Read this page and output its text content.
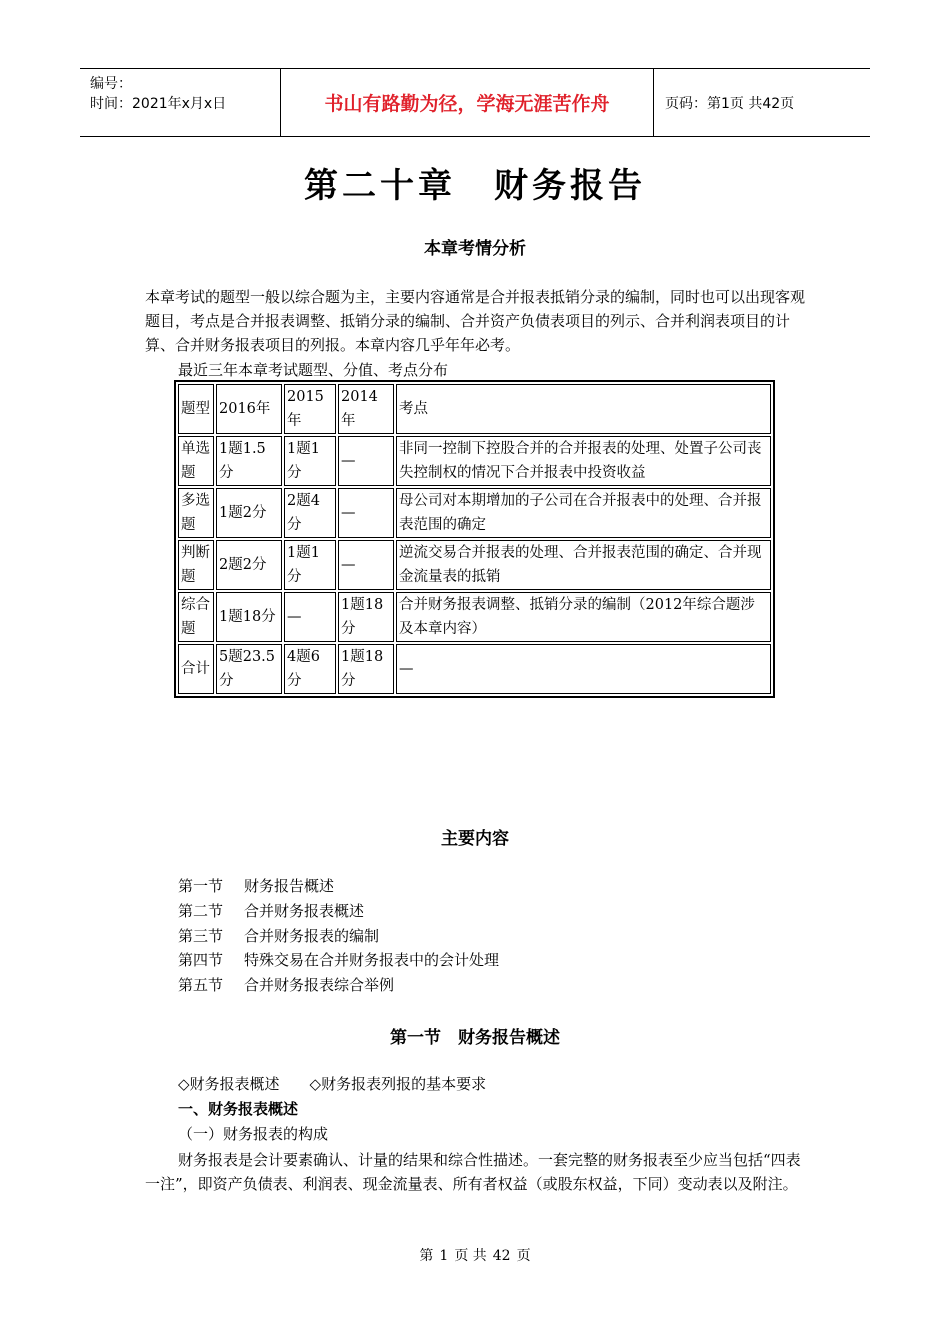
编号：
时间：2021年x月x日	书山有路勤为径，学海无涯苦作舟	页码：第1页 共42页
第二十章　财务报告
本章考情分析
本章考试的题型一般以综合题为主，主要内容通常是合并报表抵销分录的编制，同时也可以出现客观题目，考点是合并报表调整、抵销分录的编制、合并资产负债表项目的列示、合并利润表项目的计算、合并财务报表项目的列报。本章内容几乎年年必考。
最近三年本章考试题型、分值、考点分布
题型	2016年	2015年	2014年	考点
单选题	1题1.5分	1题1分	—	非同一控制下控股合并的合并报表的处理、处置子公司丧失控制权的情况下合并报表中投资收益
多选题	1题2分	2题4分	—	母公司对本期增加的子公司在合并报表中的处理、合并报表范围的确定
判断题	2题2分	1题1分	—	逆流交易合并报表的处理、合并报表范围的确定、合并现金流量表的抵销
综合题	1题18分	—	1题18分	合并财务报表调整、抵销分录的编制（2012年综合题涉及本章内容）
合计	5题23.5分	4题6分	1题18分	—
主要内容
第一节 财务报告概述
第二节 合并财务报表概述
第三节 合并财务报表的编制
第四节 特殊交易在合并财务报表中的会计处理
第五节 合并财务报表综合举例
第一节　财务报告概述
◇财务报表概述　　◇财务报表列报的基本要求
一、财务报表概述
（一）财务报表的构成
财务报表是会计要素确认、计量的结果和综合性描述。一套完整的财务报表至少应当包括“四表一注”，即资产负债表、利润表、现金流量表、所有者权益（或股东权益，下同）变动表以及附注。
第 1 页 共 42 页
